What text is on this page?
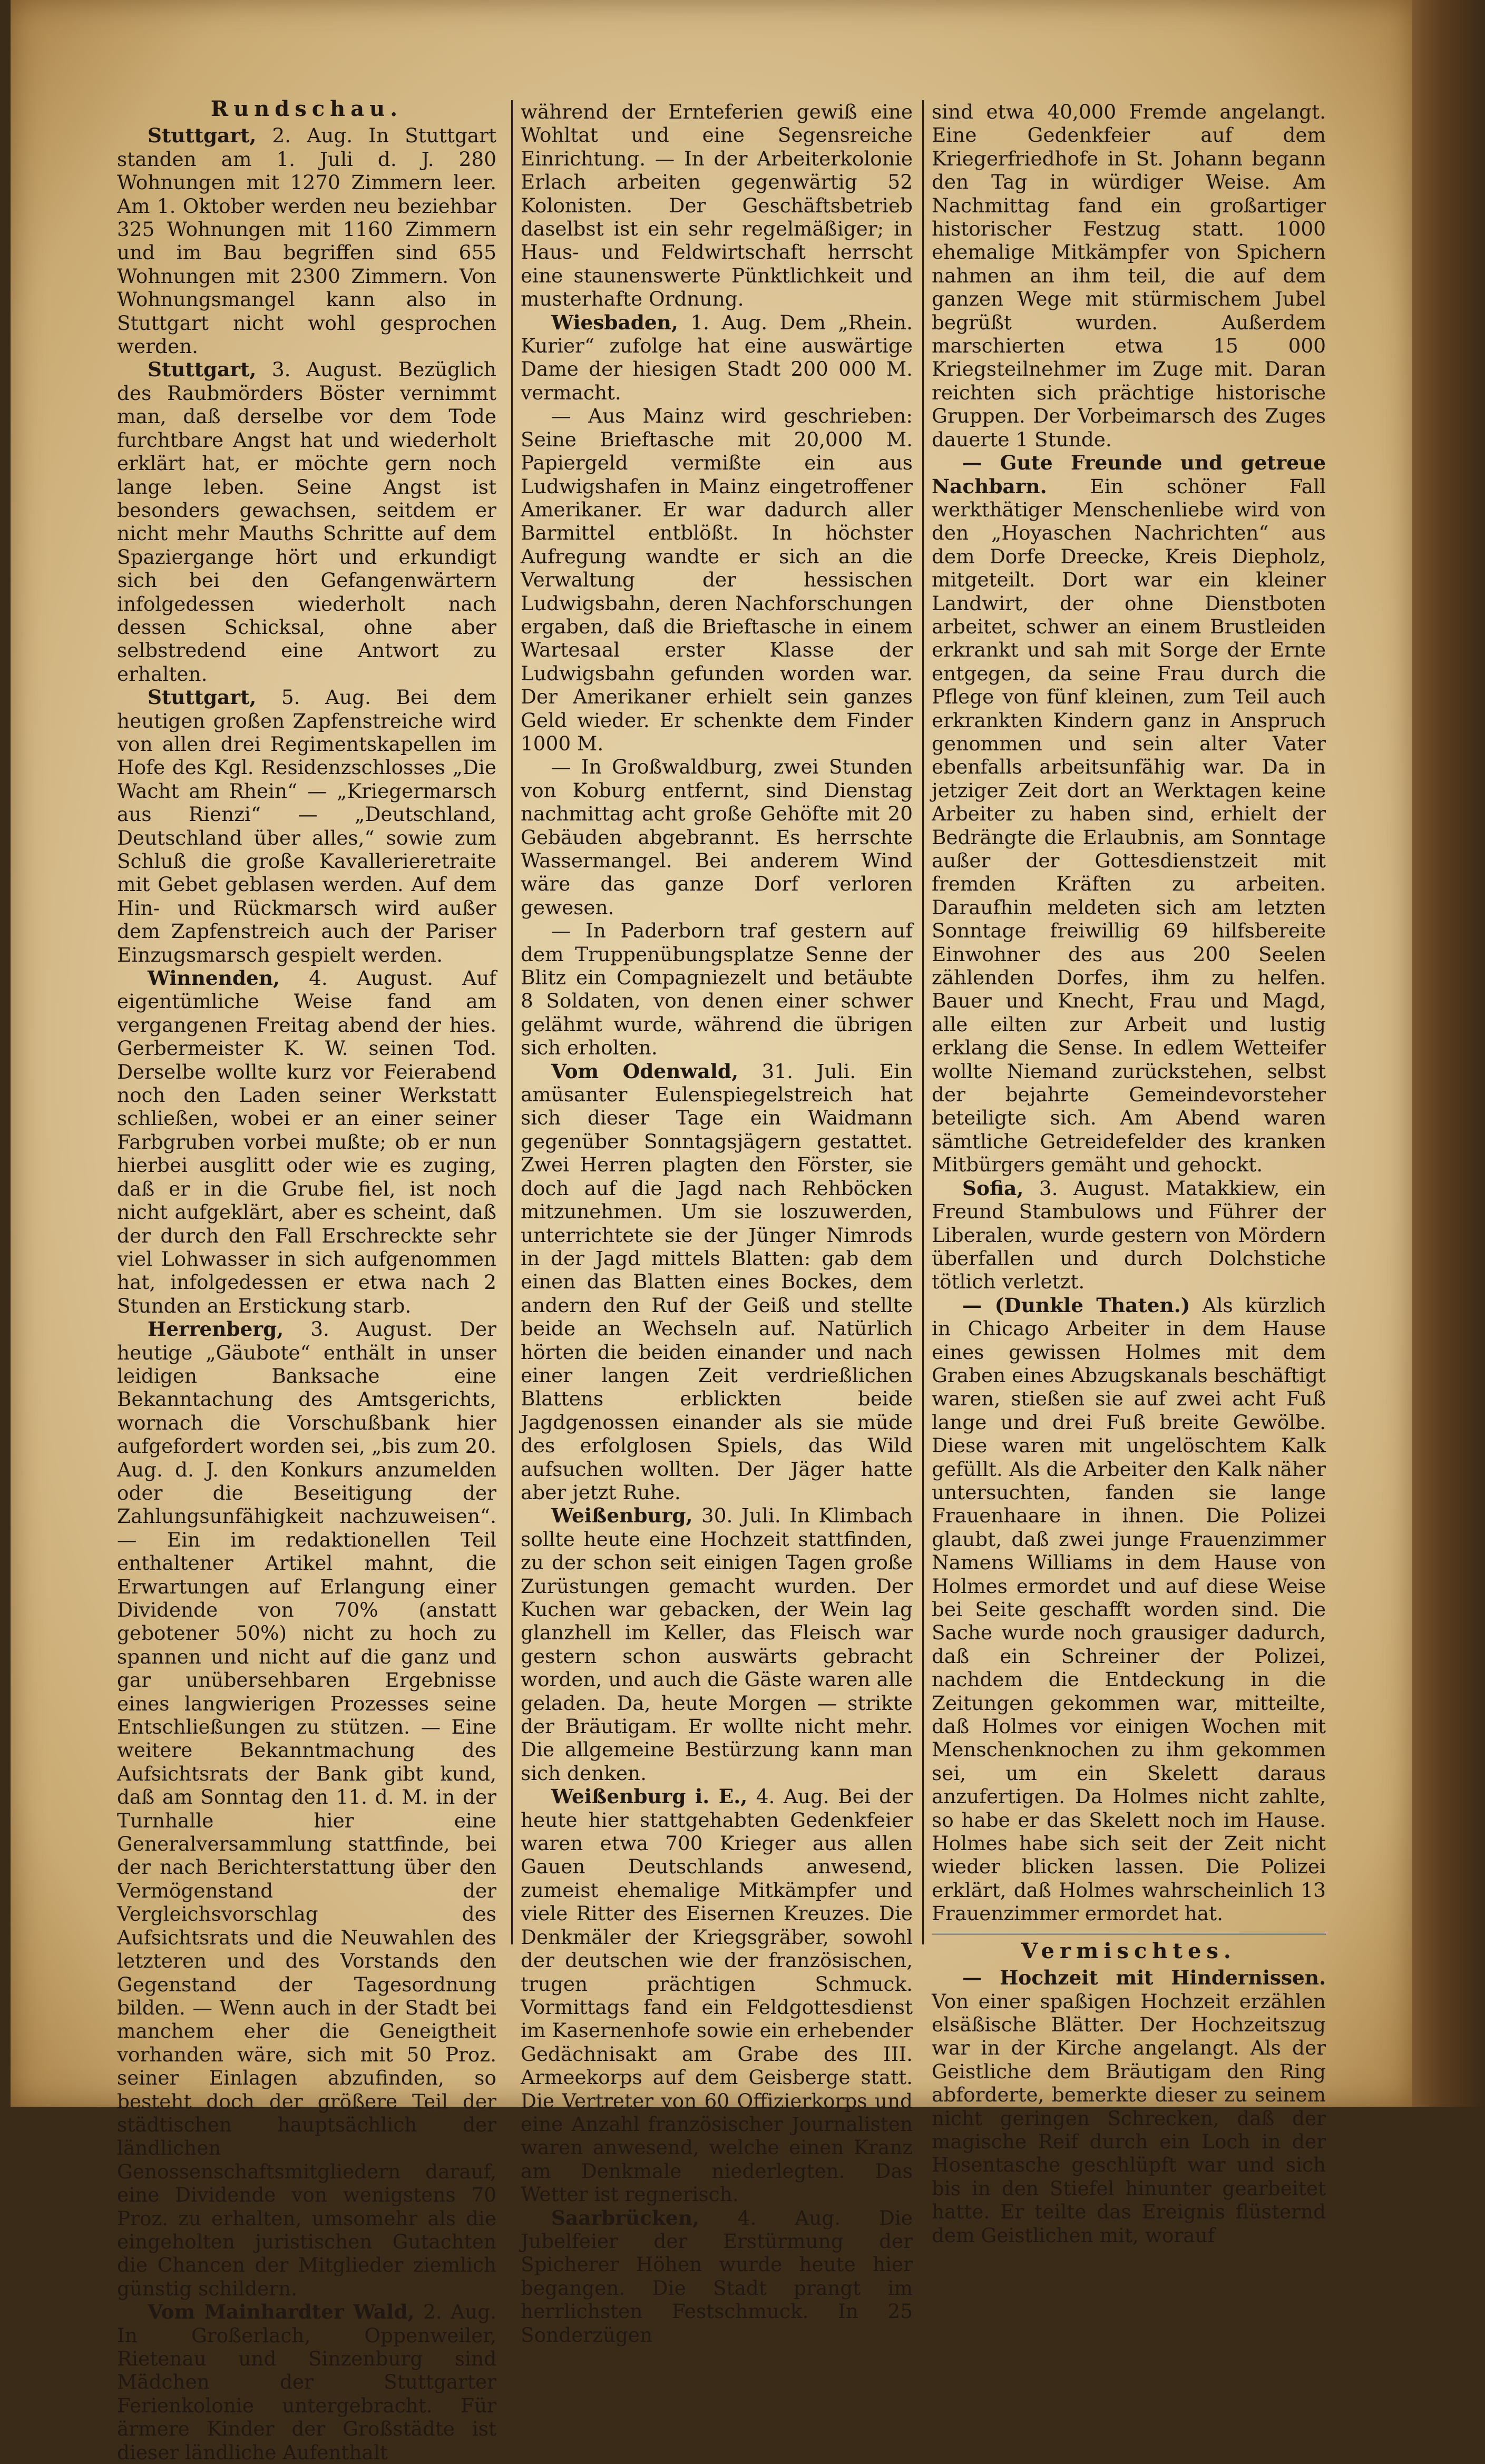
Rundschau.

Stuttgart, 2. Aug. In Stuttgart standen am 1. Juli d. J. 280 Wohnungen mit 1270 Zimmern leer. Am 1. Oktober werden neu beziehbar 325 Wohnungen mit 1160 Zimmern und im Bau begriffen sind 655 Wohnungen mit 2300 Zimmern. Von Wohnungsmangel kann also in Stuttgart nicht wohl gesprochen werden.

Stuttgart, 3. August. Bezüglich des Raubmörders Böster vernimmt man, daß derselbe vor dem Tode furchtbare Angst hat und wiederholt erklärt hat, er möchte gern noch lange leben. Seine Angst ist besonders gewachsen, seitdem er nicht mehr Mauths Schritte auf dem Spaziergange hört und erkundigt sich bei den Gefangenwärtern infolgedessen wiederholt nach dessen Schicksal, ohne aber selbstredend eine Antwort zu erhalten.

Stuttgart, 5. Aug. Bei dem heutigen großen Zapfenstreiche wird von allen drei Regimentskapellen im Hofe des Kgl. Residenzschlosses „Die Wacht am Rhein“ — „Kriegermarsch aus Rienzi“ — „Deutschland, Deutschland über alles,“ sowie zum Schluß die große Kavallerieretraite mit Gebet geblasen werden. Auf dem Hin- und Rückmarsch wird außer dem Zapfenstreich auch der Pariser Einzugsmarsch gespielt werden.

Winnenden, 4. August. Auf eigentümliche Weise fand am vergangenen Freitag abend der hies. Gerbermeister K. W. seinen Tod. Derselbe wollte kurz vor Feierabend noch den Laden seiner Werkstatt schließen, wobei er an einer seiner Farbgruben vorbei mußte; ob er nun hierbei ausglitt oder wie es zuging, daß er in die Grube fiel, ist noch nicht aufgeklärt, aber es scheint, daß der durch den Fall Erschreckte sehr viel Lohwasser in sich aufgenommen hat, infolgedessen er etwa nach 2 Stunden an Erstickung starb.

Herrenberg, 3. August. Der heutige „Gäubote“ enthält in unser leidigen Banksache eine Bekanntachung des Amtsgerichts, wornach die Vorschußbank hier aufgefordert worden sei, „bis zum 20. Aug. d. J. den Konkurs anzumelden oder die Beseitigung der Zahlungsunfähigkeit nachzuweisen“. — Ein im redaktionellen Teil enthaltener Artikel mahnt, die Erwartungen auf Erlangung einer Dividende von 70% (anstatt gebotener 50%) nicht zu hoch zu spannen und nicht auf die ganz und gar unübersehbaren Ergebnisse eines langwierigen Prozesses seine Entschließungen zu stützen. — Eine weitere Bekanntmachung des Aufsichtsrats der Bank gibt kund, daß am Sonntag den 11. d. M. in der Turnhalle hier eine Generalversammlung stattfinde, bei der nach Berichterstattung über den Vermögenstand der Vergleichsvorschlag des Aufsichtsrats und die Neuwahlen des letzteren und des Vorstands den Gegenstand der Tagesordnung bilden. — Wenn auch in der Stadt bei manchem eher die Geneigtheit vorhanden wäre, sich mit 50 Proz. seiner Einlagen abzufinden, so besteht doch der größere Teil der städtischen hauptsächlich der ländlichen Genossenschaftsmitgliedern darauf, eine Dividende von wenigstens 70 Proz. zu erhalten, umsomehr als die eingeholten juristischen Gutachten die Chancen der Mitglieder ziemlich günstig schildern.

Vom Mainhardter Wald, 2. Aug. In Großerlach, Oppenweiler, Rietenau und Sinzenburg sind Mädchen der Stuttgarter Ferienkolonie untergebracht. Für ärmere Kinder der Großstädte ist dieser ländliche Aufenthalt

während der Ernteferien gewiß eine Wohltat und eine Segensreiche Einrichtung. — In der Arbeiterkolonie Erlach arbeiten gegenwärtig 52 Kolonisten. Der Geschäftsbetrieb daselbst ist ein sehr regelmäßiger; in Haus- und Feldwirtschaft herrscht eine staunenswerte Pünktlichkeit und musterhafte Ordnung.

Wiesbaden, 1. Aug. Dem „Rhein. Kurier“ zufolge hat eine auswärtige Dame der hiesigen Stadt 200 000 M. vermacht.

— Aus Mainz wird geschrieben: Seine Brieftasche mit 20,000 M. Papiergeld vermißte ein aus Ludwigshafen in Mainz eingetroffener Amerikaner. Er war dadurch aller Barmittel entblößt. In höchster Aufregung wandte er sich an die Verwaltung der hessischen Ludwigsbahn, deren Nachforschungen ergaben, daß die Brieftasche in einem Wartesaal erster Klasse der Ludwigsbahn gefunden worden war. Der Amerikaner erhielt sein ganzes Geld wieder. Er schenkte dem Finder 1000 M.

— In Großwaldburg, zwei Stunden von Koburg entfernt, sind Dienstag nachmittag acht große Gehöfte mit 20 Gebäuden abgebrannt. Es herrschte Wassermangel. Bei anderem Wind wäre das ganze Dorf verloren gewesen.

— In Paderborn traf gestern auf dem Truppenübungsplatze Senne der Blitz ein Compagniezelt und betäubte 8 Soldaten, von denen einer schwer gelähmt wurde, während die übrigen sich erholten.

Vom Odenwald, 31. Juli. Ein amüsanter Eulenspiegelstreich hat sich dieser Tage ein Waidmann gegenüber Sonntagsjägern gestattet. Zwei Herren plagten den Förster, sie doch auf die Jagd nach Rehböcken mitzunehmen. Um sie loszuwerden, unterrichtete sie der Jünger Nimrods in der Jagd mittels Blatten: gab dem einen das Blatten eines Bockes, dem andern den Ruf der Geiß und stellte beide an Wechseln auf. Natürlich hörten die beiden einander und nach einer langen Zeit verdrießlichen Blattens erblickten beide Jagdgenossen einander als sie müde des erfolglosen Spiels, das Wild aufsuchen wollten. Der Jäger hatte aber jetzt Ruhe.

Weißenburg, 30. Juli. In Klimbach sollte heute eine Hochzeit stattfinden, zu der schon seit einigen Tagen große Zurüstungen gemacht wurden. Der Kuchen war gebacken, der Wein lag glanzhell im Keller, das Fleisch war gestern schon auswärts gebracht worden, und auch die Gäste waren alle geladen. Da, heute Morgen — strikte der Bräutigam. Er wollte nicht mehr. Die allgemeine Bestürzung kann man sich denken.

Weißenburg i. E., 4. Aug. Bei der heute hier stattgehabten Gedenkfeier waren etwa 700 Krieger aus allen Gauen Deutschlands anwesend, zumeist ehemalige Mitkämpfer und viele Ritter des Eisernen Kreuzes. Die Denkmäler der Kriegsgräber, sowohl der deutschen wie der französischen, trugen prächtigen Schmuck. Vormittags fand ein Feldgottesdienst im Kasernenhofe sowie ein erhebender Gedächnisakt am Grabe des III. Armeekorps auf dem Geisberge statt. Die Vertreter von 60 Offizierkorps und eine Anzahl französischer Journalisten waren anwesend, welche einen Kranz am Denkmale niederlegten. Das Wetter ist regnerisch.

Saarbrücken, 4. Aug. Die Jubelfeier der Erstürmung der Spicherer Höhen wurde heute hier begangen. Die Stadt prangt im herrlichsten Festschmuck. In 25 Sonderzügen

sind etwa 40,000 Fremde angelangt. Eine Gedenkfeier auf dem Kriegerfriedhofe in St. Johann begann den Tag in würdiger Weise. Am Nachmittag fand ein großartiger historischer Festzug statt. 1000 ehemalige Mitkämpfer von Spichern nahmen an ihm teil, die auf dem ganzen Wege mit stürmischem Jubel begrüßt wurden. Außerdem marschierten etwa 15 000 Kriegsteilnehmer im Zuge mit. Daran reichten sich prächtige historische Gruppen. Der Vorbeimarsch des Zuges dauerte 1 Stunde.

— Gute Freunde und getreue Nachbarn. Ein schöner Fall werkthätiger Menschenliebe wird von den „Hoyaschen Nachrichten“ aus dem Dorfe Dreecke, Kreis Diepholz, mitgeteilt. Dort war ein kleiner Landwirt, der ohne Dienstboten arbeitet, schwer an einem Brustleiden erkrankt und sah mit Sorge der Ernte entgegen, da seine Frau durch die Pflege von fünf kleinen, zum Teil auch erkrankten Kindern ganz in Anspruch genommen und sein alter Vater ebenfalls arbeitsunfähig war. Da in jetziger Zeit dort an Werktagen keine Arbeiter zu haben sind, erhielt der Bedrängte die Erlaubnis, am Sonntage außer der Gottesdienstzeit mit fremden Kräften zu arbeiten. Daraufhin meldeten sich am letzten Sonntage freiwillig 69 hilfsbereite Einwohner des aus 200 Seelen zählenden Dorfes, ihm zu helfen. Bauer und Knecht, Frau und Magd, alle eilten zur Arbeit und lustig erklang die Sense. In edlem Wetteifer wollte Niemand zurückstehen, selbst der bejahrte Gemeindevorsteher beteiligte sich. Am Abend waren sämtliche Getreidefelder des kranken Mitbürgers gemäht und gehockt.

Sofia, 3. August. Matakkiew, ein Freund Stambulows und Führer der Liberalen, wurde gestern von Mördern überfallen und durch Dolchstiche tötlich verletzt.

— (Dunkle Thaten.) Als kürzlich in Chicago Arbeiter in dem Hause eines gewissen Holmes mit dem Graben eines Abzugskanals beschäftigt waren, stießen sie auf zwei acht Fuß lange und drei Fuß breite Gewölbe. Diese waren mit ungelöschtem Kalk gefüllt. Als die Arbeiter den Kalk näher untersuchten, fanden sie lange Frauenhaare in ihnen. Die Polizei glaubt, daß zwei junge Frauenzimmer Namens Williams in dem Hause von Holmes ermordet und auf diese Weise bei Seite geschafft worden sind. Die Sache wurde noch grausiger dadurch, daß ein Schreiner der Polizei, nachdem die Entdeckung in die Zeitungen gekommen war, mitteilte, daß Holmes vor einigen Wochen mit Menschenknochen zu ihm gekommen sei, um ein Skelett daraus anzufertigen. Da Holmes nicht zahlte, so habe er das Skelett noch im Hause. Holmes habe sich seit der Zeit nicht wieder blicken lassen. Die Polizei erklärt, daß Holmes wahrscheinlich 13 Frauenzimmer ermordet hat.

Vermischtes.

— Hochzeit mit Hindernissen. Von einer spaßigen Hochzeit erzählen elsäßische Blätter. Der Hochzeitszug war in der Kirche angelangt. Als der Geistliche dem Bräutigam den Ring abforderte, bemerkte dieser zu seinem nicht geringen Schrecken, daß der magische Reif durch ein Loch in der Hosentasche geschlüpft war und sich bis in den Stiefel hinunter gearbeitet hatte. Er teilte das Ereignis flüsternd dem Geistlichen mit, worauf
